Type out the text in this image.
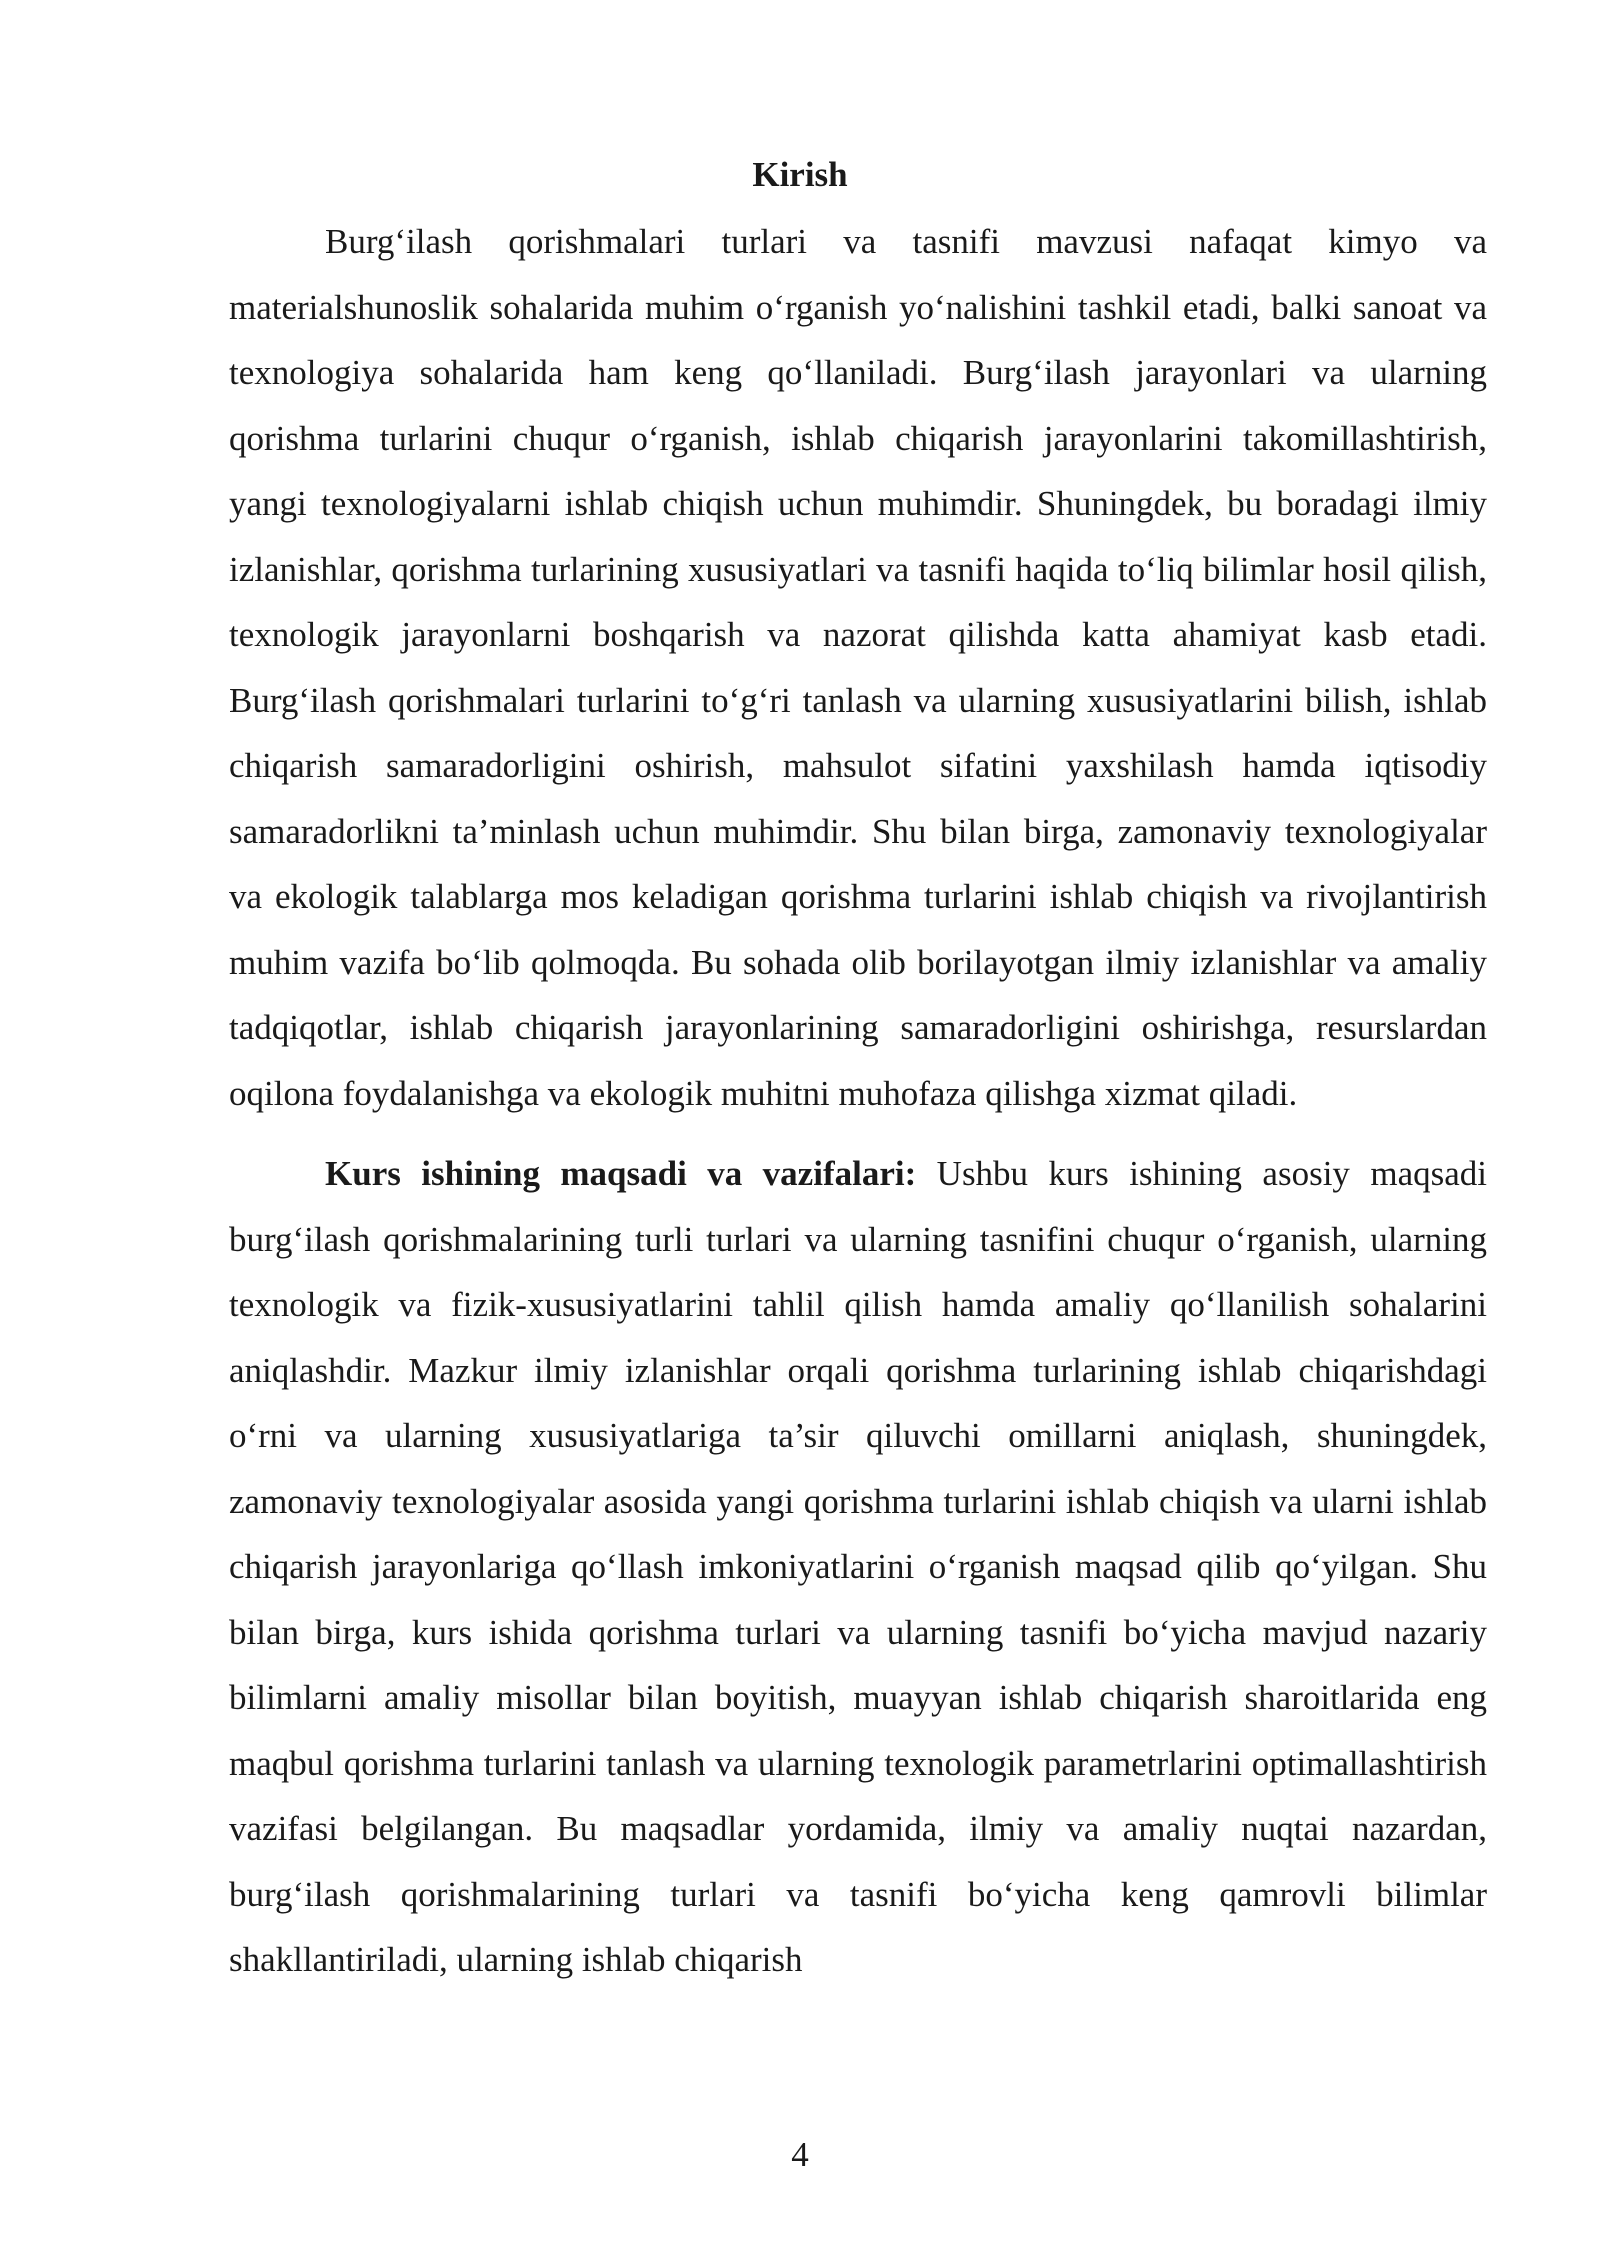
Kirish

Burg‘ilash qorishmalari turlari va tasnifi mavzusi nafaqat kimyo va materialshunoslik sohalarida muhim o‘rganish yo‘nalishini tashkil etadi, balki sanoat va texnologiya sohalarida ham keng qo‘llaniladi. Burg‘ilash jarayonlari va ularning qorishma turlarini chuqur o‘rganish, ishlab chiqarish jarayonlarini takomillashtirish, yangi texnologiyalarni ishlab chiqish uchun muhimdir. Shuningdek, bu boradagi ilmiy izlanishlar, qorishma turlarining xususiyatlari va tasnifi haqida to‘liq bilimlar hosil qilish, texnologik jarayonlarni boshqarish va nazorat qilishda katta ahamiyat kasb etadi. Burg‘ilash qorishmalari turlarini to‘g‘ri tanlash va ularning xususiyatlarini bilish, ishlab chiqarish samaradorligini oshirish, mahsulot sifatini yaxshilash hamda iqtisodiy samaradorlikni ta’minlash uchun muhimdir. Shu bilan birga, zamonaviy texnologiyalar va ekologik talablarga mos keladigan qorishma turlarini ishlab chiqish va rivojlantirish muhim vazifa bo‘lib qolmoqda. Bu sohada olib borilayotgan ilmiy izlanishlar va amaliy tadqiqotlar, ishlab chiqarish jarayonlarining samaradorligini oshirishga, resurslardan oqilona foydalanishga va ekologik muhitni muhofaza qilishga xizmat qiladi.

Kurs ishining maqsadi va vazifalari: Ushbu kurs ishining asosiy maqsadi burg‘ilash qorishmalarining turli turlari va ularning tasnifini chuqur o‘rganish, ularning texnologik va fizik-xususiyatlarini tahlil qilish hamda amaliy qo‘llanilish sohalarini aniqlashdir. Mazkur ilmiy izlanishlar orqali qorishma turlarining ishlab chiqarishdagi o‘rni va ularning xususiyatlariga ta’sir qiluvchi omillarni aniqlash, shuningdek, zamonaviy texnologiyalar asosida yangi qorishma turlarini ishlab chiqish va ularni ishlab chiqarish jarayonlariga qo‘llash imkoniyatlarini o‘rganish maqsad qilib qo‘yilgan. Shu bilan birga, kurs ishida qorishma turlari va ularning tasnifi bo‘yicha mavjud nazariy bilimlarni amaliy misollar bilan boyitish, muayyan ishlab chiqarish sharoitlarida eng maqbul qorishma turlarini tanlash va ularning texnologik parametrlarini optimallashtirish vazifasi belgilangan. Bu maqsadlar yordamida, ilmiy va amaliy nuqtai nazardan, burg‘ilash qorishmalarining turlari va tasnifi bo‘yicha keng qamrovli bilimlar shakllantiriladi, ularning ishlab chiqarish

4
